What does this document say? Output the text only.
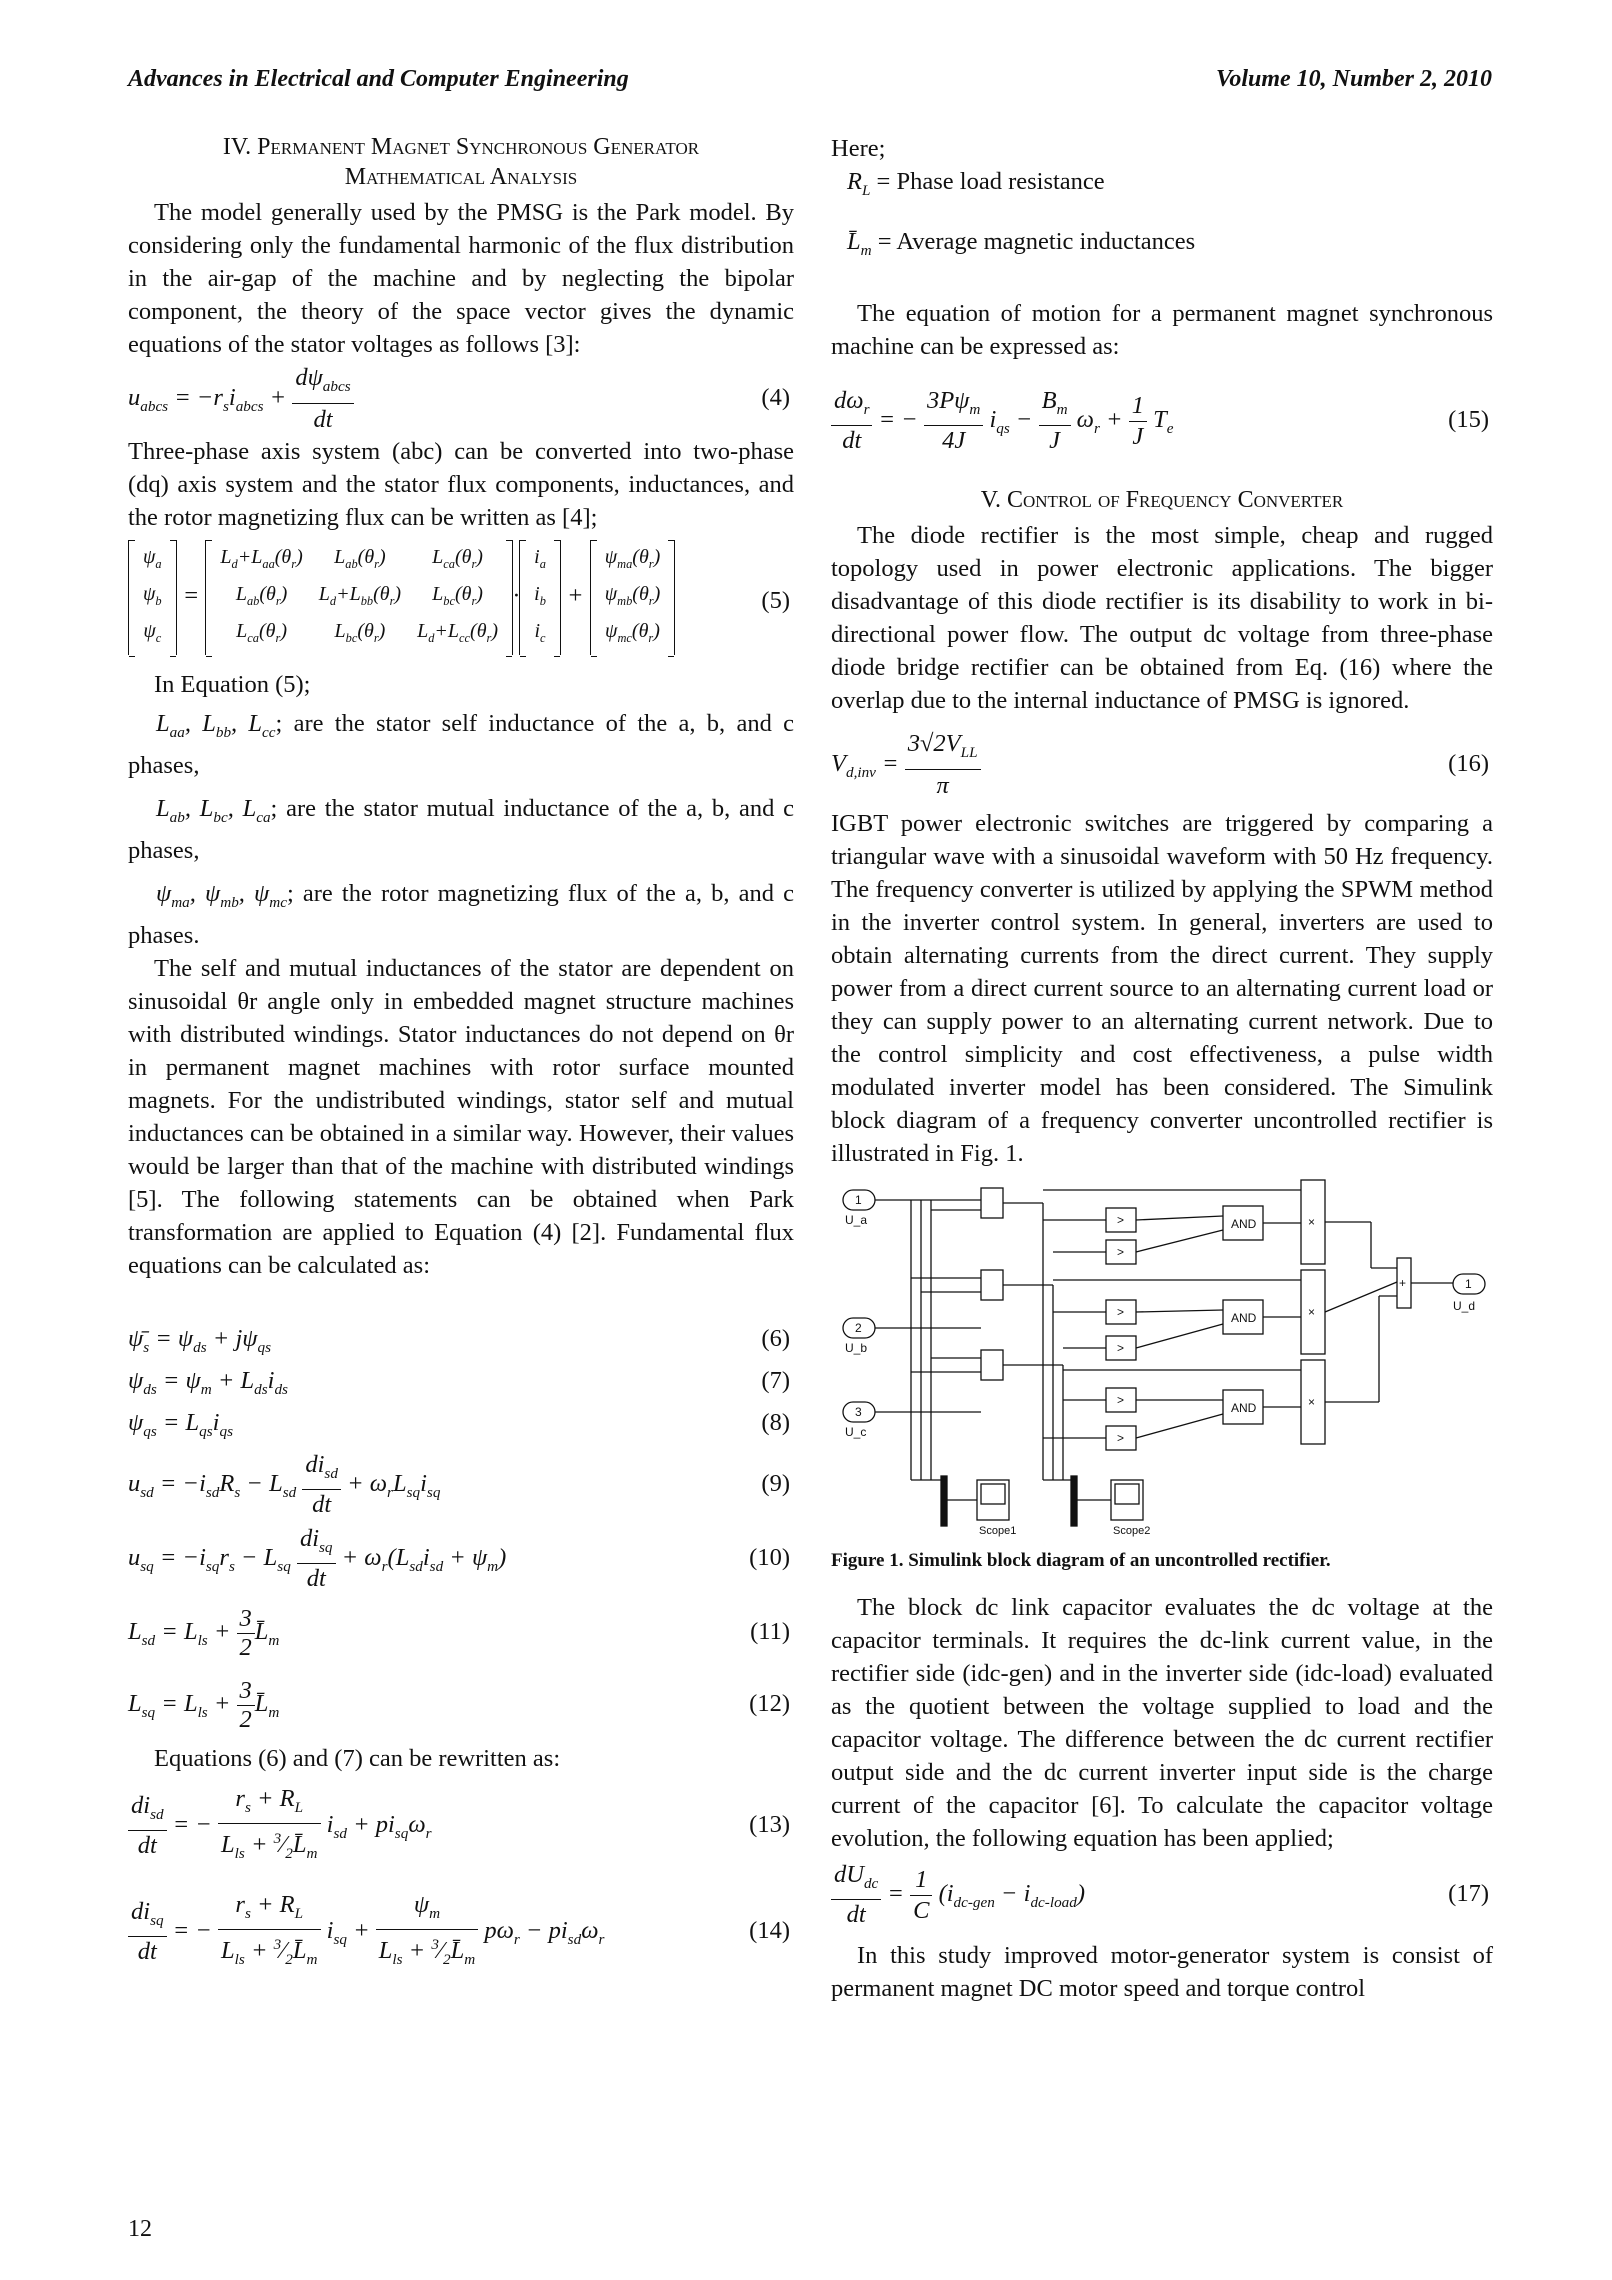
Advances in Electrical and Computer Engineering	Volume 10, Number 2, 2010

IV. Permanent Magnet Synchronous Generator
Mathematical Analysis

The model generally used by the PMSG is the Park model. By considering only the fundamental harmonic of the flux distribution in the air-gap of the machine and by neglecting the bipolar component, the theory of the space vector gives the dynamic equations of the stator voltages as follows [3]:

$u_{abcs} = -r_si_{abcs} + \frac{d\psi_{abcs}}{dt}$	(4)

Three-phase axis system (abc) can be converted into two-phase (dq) axis system and the stator flux components, inductances, and the rotor magnetizing flux can be written as [4];

$\psi_a$
$\psi_b$
$\psi_c$
=
$L_d+L_{aa}(\theta_r)$	$L_{ab}(\theta_r)$	$L_{ca}(\theta_r)$
$L_{ab}(\theta_r)$	$L_d+L_{bb}(\theta_r)$	$L_{bc}(\theta_r)$
$L_{ca}(\theta_r)$	$L_{bc}(\theta_r)$	$L_d+L_{cc}(\theta_r)$
·
$i_a$
$i_b$
$i_c$
+
$\psi_{ma}(\theta_r)$
$\psi_{mb}(\theta_r)$
$\psi_{mc}(\theta_r)$
(5)

In Equation (5);

$L_{aa}$, $L_{bb}$, $L_{cc}$; are the stator self inductance of the a, b, and c phases,

$L_{ab}$, $L_{bc}$, $L_{ca}$; are the stator mutual inductance of the a, b, and c phases,

$\psi_{ma}$, $\psi_{mb}$, $\psi_{mc}$; are the rotor magnetizing flux of the a, b, and c phases.

The self and mutual inductances of the stator are dependent on sinusoidal θr angle only in embedded magnet structure machines with distributed windings. Stator inductances do not depend on θr in permanent magnet machines with rotor surface mounted magnets. For the undistributed windings, stator self and mutual inductances can be obtained in a similar way. However, their values would be larger than that of the machine with distributed windings [5]. The following statements can be obtained when Park transformation are applied to Equation (4) [2]. Fundamental flux equations can be calculated as:

$\psī_s = \psi_{ds} + j\psi_{qs}$	(6)
$\psi_{ds} = \psi_m + L_{ds}i_{ds}$	(7)
$\psi_{qs} = L_{qs}i_{qs}$	(8)
$u_{sd} = -i_{sd}R_s - L_{sd} \frac{di_{sd}}{dt} + \omega_rL_{sq}i_{sq}$	(9)
$u_{sq} = -i_{sq}r_s - L_{sq} \frac{di_{sq}}{dt} + \omega_r(L_{sd}i_{sd} + \psi_m)$	(10)
$L_{sd} = L_{ls} + \frac{3}{2}$ $L̄_m$	(11)
$L_{sq} = L_{ls} + \frac{3}{2}$ $L̄_m$	(12)

Equations (6) and (7) can be rewritten as:

$\frac{di_{sd}}{dt}$ = − $\frac{r_s + R_L}{L_{ls} + ^3⁄_2L̄_m} i_{sd} + pi_{sq}\omega_r$	(13)
$\frac{di_{sq}}{dt}$ = − $\frac{r_s + R_L}{L_{ls} + ^3⁄_2L̄_m} i_{sq} + \frac{\psi_m}{L_{ls} + ^3⁄_2L̄_m} p\omega_r - pi_{sd}\omega_r$	(14)

Here;

$R_L$ = Phase load resistance

$L̄_m$ = Average magnetic inductances

The equation of motion for a permanent magnet synchronous machine can be expressed as:

$\frac{d\omega_r}{dt}$ = − $\frac{3P\psi_m}{4J} i_{qs} - \frac{B_m}{J} \omega_r + \frac{1}{J} T_e$	(15)

V. Control of Frequency Converter

The diode rectifier is the most simple, cheap and rugged topology used in power electronic applications. The bigger disadvantage of this diode rectifier is its disability to work in bi-directional power flow. The output dc voltage from three-phase diode bridge rectifier can be obtained from Eq. (16) where the overlap due to the internal inductance of PMSG is ignored.

$V_{d,inv} = \frac{3√2V_{LL}}{\pi}$	(16)

IGBT power electronic switches are triggered by comparing a triangular wave with a sinusoidal waveform with 50 Hz frequency. The frequency converter is utilized by applying the SPWM method in the inverter control system. In general, inverters are used to obtain alternating currents from the direct current. They supply power from a direct current source to an alternating current load or they can supply power to an alternating current network. Due to the control simplicity and cost effectiveness, a pulse width modulated inverter model has been considered. The Simulink block diagram of a frequency converter uncontrolled rectifier is illustrated in Fig. 1.

1
U_a
2
U_b
3
U_c
1
U_d
AND
AND
AND
>
>
>
>
>
>
×
×
×
+
Scope1	Scope2

Figure 1. Simulink block diagram of an uncontrolled rectifier.

The block dc link capacitor evaluates the dc voltage at the capacitor terminals. It requires the dc-link current value, in the rectifier side (idc-gen) and in the inverter side (idc-load) evaluated as the quotient between the voltage supplied to load and the capacitor voltage. The difference between the dc current rectifier output side and the dc current inverter input side is the charge current of the capacitor [6]. To calculate the capacitor voltage evolution, the following equation has been applied;

$\frac{dU_{dc}}{dt} = \frac{1}{C} (i_{dc-gen} - i_{dc-load})$	(17)

In this study improved motor-generator system is consist of permanent magnet DC motor speed and torque control

12
